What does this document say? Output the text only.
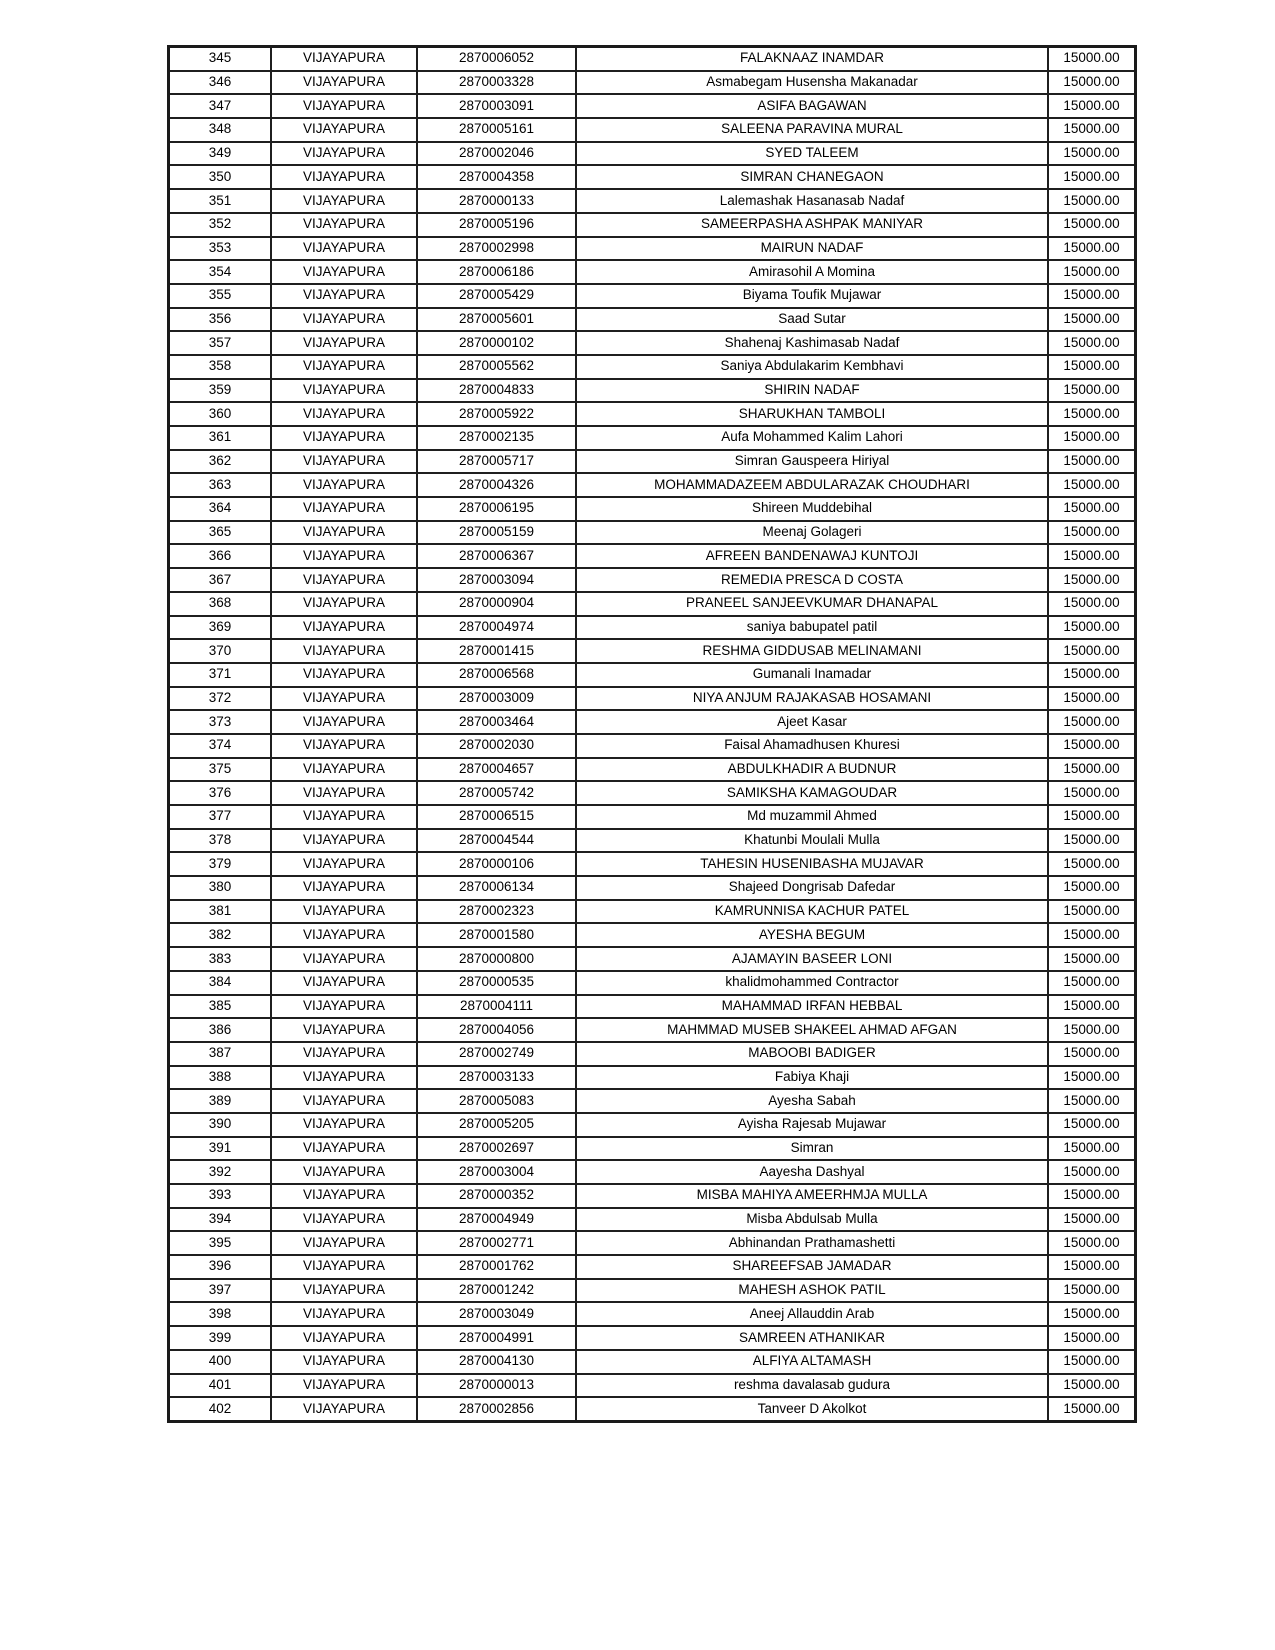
345	VIJAYAPURA	2870006052	FALAKNAAZ INAMDAR	15000.00
346	VIJAYAPURA	2870003328	Asmabegam Husensha Makanadar	15000.00
347	VIJAYAPURA	2870003091	ASIFA BAGAWAN	15000.00
348	VIJAYAPURA	2870005161	SALEENA PARAVINA MURAL	15000.00
349	VIJAYAPURA	2870002046	SYED TALEEM	15000.00
350	VIJAYAPURA	2870004358	SIMRAN CHANEGAON	15000.00
351	VIJAYAPURA	2870000133	Lalemashak Hasanasab Nadaf	15000.00
352	VIJAYAPURA	2870005196	SAMEERPASHA ASHPAK MANIYAR	15000.00
353	VIJAYAPURA	2870002998	MAIRUN NADAF	15000.00
354	VIJAYAPURA	2870006186	Amirasohil A Momina	15000.00
355	VIJAYAPURA	2870005429	Biyama Toufik Mujawar	15000.00
356	VIJAYAPURA	2870005601	Saad Sutar	15000.00
357	VIJAYAPURA	2870000102	Shahenaj Kashimasab Nadaf	15000.00
358	VIJAYAPURA	2870005562	Saniya Abdulakarim Kembhavi	15000.00
359	VIJAYAPURA	2870004833	SHIRIN NADAF	15000.00
360	VIJAYAPURA	2870005922	SHARUKHAN TAMBOLI	15000.00
361	VIJAYAPURA	2870002135	Aufa Mohammed Kalim Lahori	15000.00
362	VIJAYAPURA	2870005717	Simran Gauspeera Hiriyal	15000.00
363	VIJAYAPURA	2870004326	MOHAMMADAZEEM ABDULARAZAK CHOUDHARI	15000.00
364	VIJAYAPURA	2870006195	Shireen Muddebihal	15000.00
365	VIJAYAPURA	2870005159	Meenaj Golageri	15000.00
366	VIJAYAPURA	2870006367	AFREEN BANDENAWAJ KUNTOJI	15000.00
367	VIJAYAPURA	2870003094	REMEDIA PRESCA D COSTA	15000.00
368	VIJAYAPURA	2870000904	PRANEEL SANJEEVKUMAR DHANAPAL	15000.00
369	VIJAYAPURA	2870004974	saniya babupatel patil	15000.00
370	VIJAYAPURA	2870001415	RESHMA GIDDUSAB MELINAMANI	15000.00
371	VIJAYAPURA	2870006568	Gumanali Inamadar	15000.00
372	VIJAYAPURA	2870003009	NIYA ANJUM RAJAKASAB HOSAMANI	15000.00
373	VIJAYAPURA	2870003464	Ajeet Kasar	15000.00
374	VIJAYAPURA	2870002030	Faisal Ahamadhusen Khuresi	15000.00
375	VIJAYAPURA	2870004657	ABDULKHADIR A BUDNUR	15000.00
376	VIJAYAPURA	2870005742	SAMIKSHA KAMAGOUDAR	15000.00
377	VIJAYAPURA	2870006515	Md muzammil Ahmed	15000.00
378	VIJAYAPURA	2870004544	Khatunbi Moulali Mulla	15000.00
379	VIJAYAPURA	2870000106	TAHESIN HUSENIBASHA MUJAVAR	15000.00
380	VIJAYAPURA	2870006134	Shajeed Dongrisab Dafedar	15000.00
381	VIJAYAPURA	2870002323	KAMRUNNISA KACHUR PATEL	15000.00
382	VIJAYAPURA	2870001580	AYESHA BEGUM	15000.00
383	VIJAYAPURA	2870000800	AJAMAYIN BASEER LONI	15000.00
384	VIJAYAPURA	2870000535	khalidmohammed Contractor	15000.00
385	VIJAYAPURA	2870004111	MAHAMMAD IRFAN HEBBAL	15000.00
386	VIJAYAPURA	2870004056	MAHMMAD MUSEB SHAKEEL AHMAD AFGAN	15000.00
387	VIJAYAPURA	2870002749	MABOOBI BADIGER	15000.00
388	VIJAYAPURA	2870003133	Fabiya Khaji	15000.00
389	VIJAYAPURA	2870005083	Ayesha Sabah	15000.00
390	VIJAYAPURA	2870005205	Ayisha Rajesab Mujawar	15000.00
391	VIJAYAPURA	2870002697	Simran	15000.00
392	VIJAYAPURA	2870003004	Aayesha Dashyal	15000.00
393	VIJAYAPURA	2870000352	MISBA MAHIYA AMEERHMJA MULLA	15000.00
394	VIJAYAPURA	2870004949	Misba Abdulsab Mulla	15000.00
395	VIJAYAPURA	2870002771	Abhinandan Prathamashetti	15000.00
396	VIJAYAPURA	2870001762	SHAREEFSAB JAMADAR	15000.00
397	VIJAYAPURA	2870001242	MAHESH ASHOK PATIL	15000.00
398	VIJAYAPURA	2870003049	Aneej Allauddin Arab	15000.00
399	VIJAYAPURA	2870004991	SAMREEN ATHANIKAR	15000.00
400	VIJAYAPURA	2870004130	ALFIYA ALTAMASH	15000.00
401	VIJAYAPURA	2870000013	reshma davalasab gudura	15000.00
402	VIJAYAPURA	2870002856	Tanveer D Akolkot	15000.00
